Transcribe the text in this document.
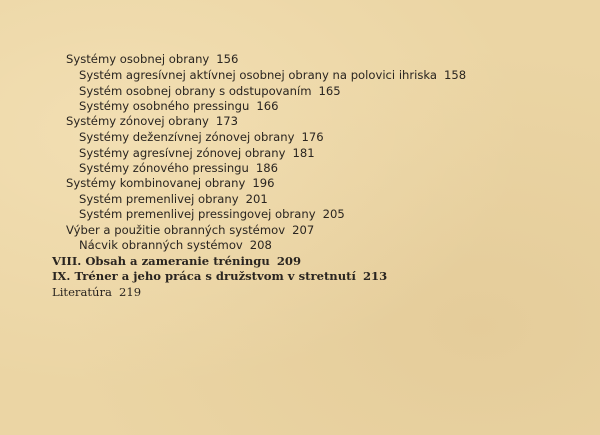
Systémy osobnej obrany 156
Systém agresívnej aktívnej osobnej obrany na polovici ihriska 158
Systém osobnej obrany s odstupovaním 165
Systémy osobného pressingu 166
Systémy zónovej obrany 173
Systémy deženzívnej zónovej obrany 176
Systémy agresívnej zónovej obrany 181
Systémy zónového pressingu 186
Systémy kombinovanej obrany 196
Systém premenlivej obrany 201
Systém premenlivej pressingovej obrany 205
Výber a použitie obranných systémov 207
Nácvik obranných systémov 208
VIII. Obsah a zameranie tréningu 209
IX. Tréner a jeho práca s družstvom v stretnutí 213
Literatúra 219
